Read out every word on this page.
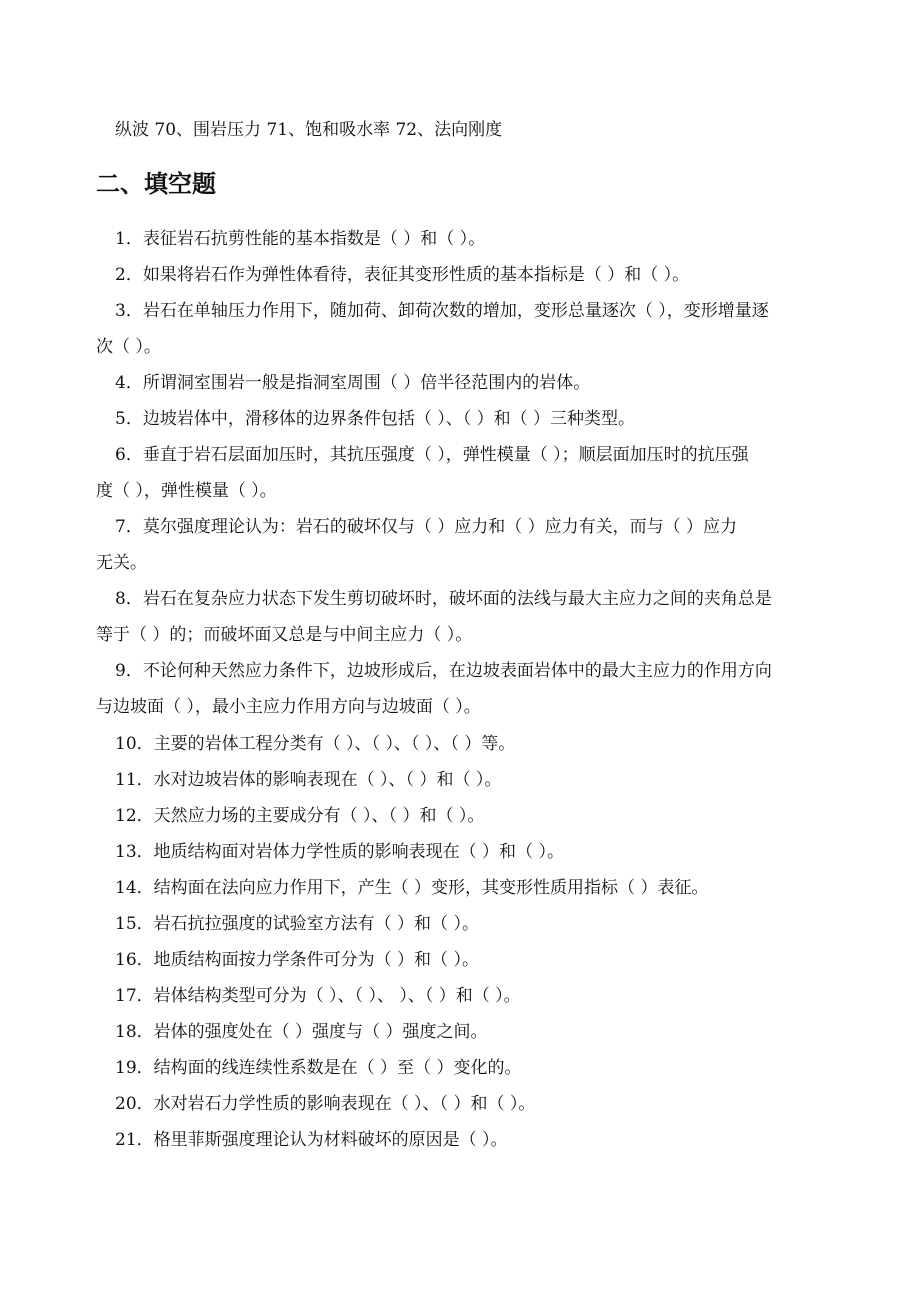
纵波 70、围岩压力 71、饱和吸水率 72、法向刚度
二、填空题
1．表征岩石抗剪性能的基本指数是（ ）和（ ）。
2．如果将岩石作为弹性体看待，表征其变形性质的基本指标是（ ）和（ ）。
3．岩石在单轴压力作用下，随加荷、卸荷次数的增加，变形总量逐次（ ），变形增量逐
次（ ）。
4．所谓洞室围岩一般是指洞室周围（ ）倍半径范围内的岩体。
5．边坡岩体中，滑移体的边界条件包括（ ）、（ ）和（ ）三种类型。
6．垂直于岩石层面加压时，其抗压强度（ ），弹性模量（ ）；顺层面加压时的抗压强
度（ ），弹性模量（ ）。
7．莫尔强度理论认为：岩石的破坏仅与（ ）应力和（ ）应力有关，而与（ ）应力
无关。
8．岩石在复杂应力状态下发生剪切破坏时，破坏面的法线与最大主应力之间的夹角总是
等于（ ）的；而破坏面又总是与中间主应力（ ）。
9．不论何种天然应力条件下，边坡形成后，在边坡表面岩体中的最大主应力的作用方向
与边坡面（ ），最小主应力作用方向与边坡面（ ）。
10．主要的岩体工程分类有（ ）、（ ）、（ ）、（ ）等。
11．水对边坡岩体的影响表现在（ ）、（ ）和（ ）。
12．天然应力场的主要成分有（ ）、（ ）和（ ）。
13．地质结构面对岩体力学性质的影响表现在（ ）和（ ）。
14．结构面在法向应力作用下，产生（ ）变形，其变形性质用指标（ ）表征。
15．岩石抗拉强度的试验室方法有（ ）和（ ）。
16．地质结构面按力学条件可分为（ ）和（ ）。
17．岩体结构类型可分为（ ）、（ ）、 ）、（ ）和（ ）。
18．岩体的强度处在（ ）强度与（ ）强度之间。
19．结构面的线连续性系数是在（ ）至（ ）变化的。
20．水对岩石力学性质的影响表现在（ ）、（ ）和（ ）。
21．格里菲斯强度理论认为材料破坏的原因是（ ）。
